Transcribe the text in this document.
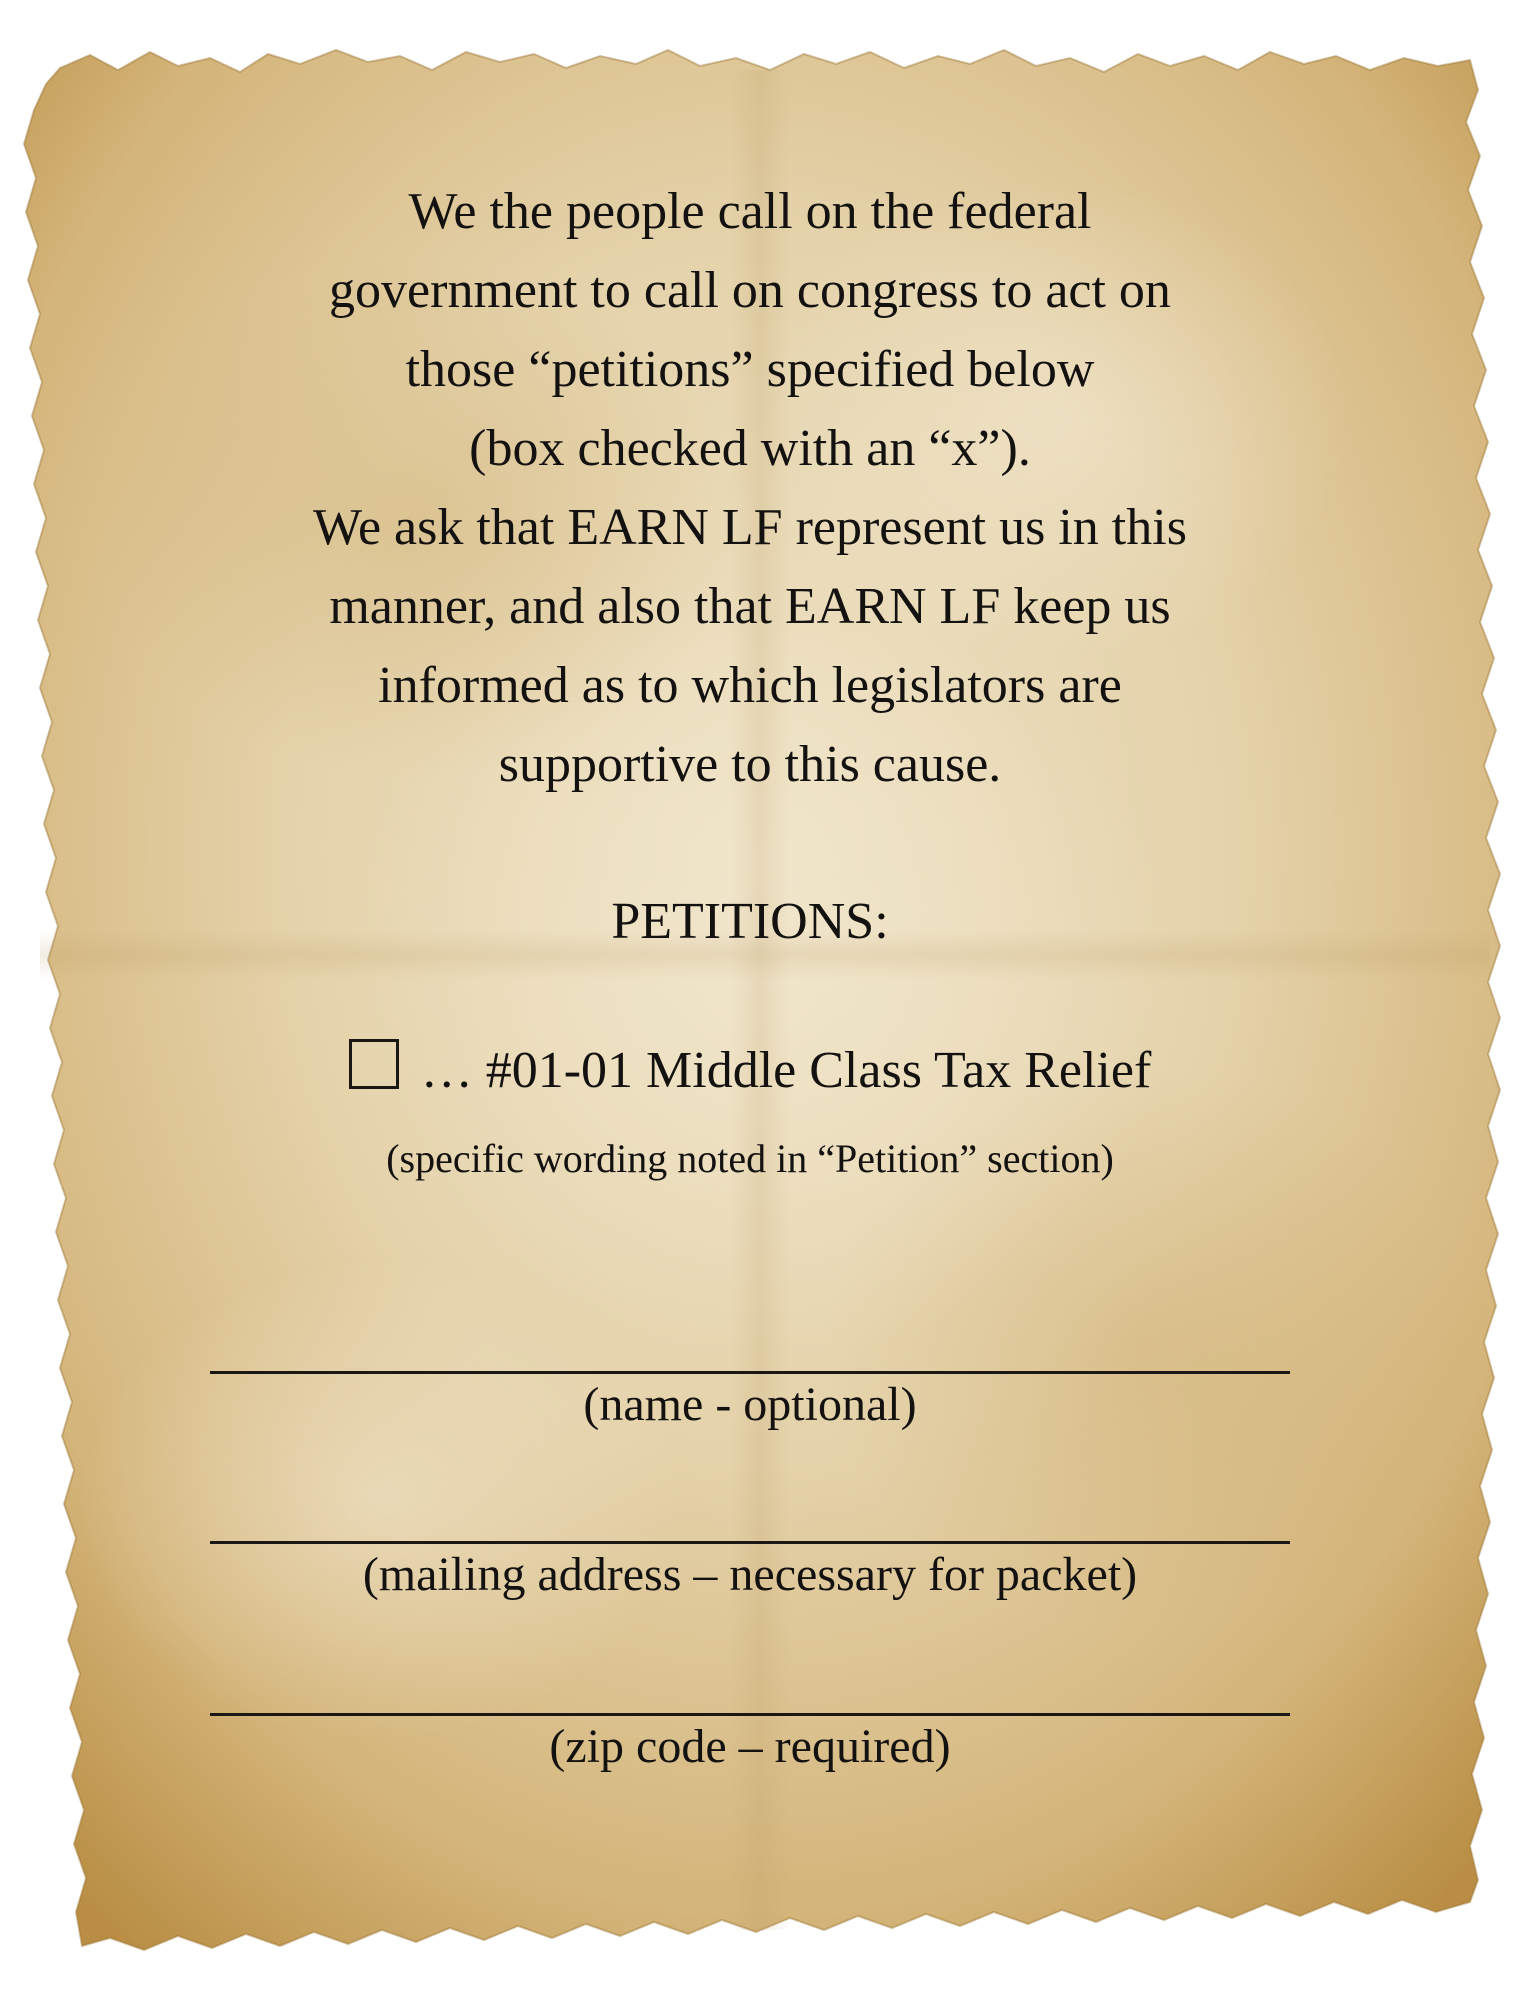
We the people call on the federal
government to call on congress to act on
those “petitions” specified below
(box checked with an “x”).
We ask that EARN LF represent us in this
manner, and also that EARN LF keep us
informed as to which legislators are
supportive to this cause.
PETITIONS:
… #01-01 Middle Class Tax Relief
(specific wording noted in “Petition” section)
(name - optional)
(mailing address – necessary for packet)
(zip code – required)
